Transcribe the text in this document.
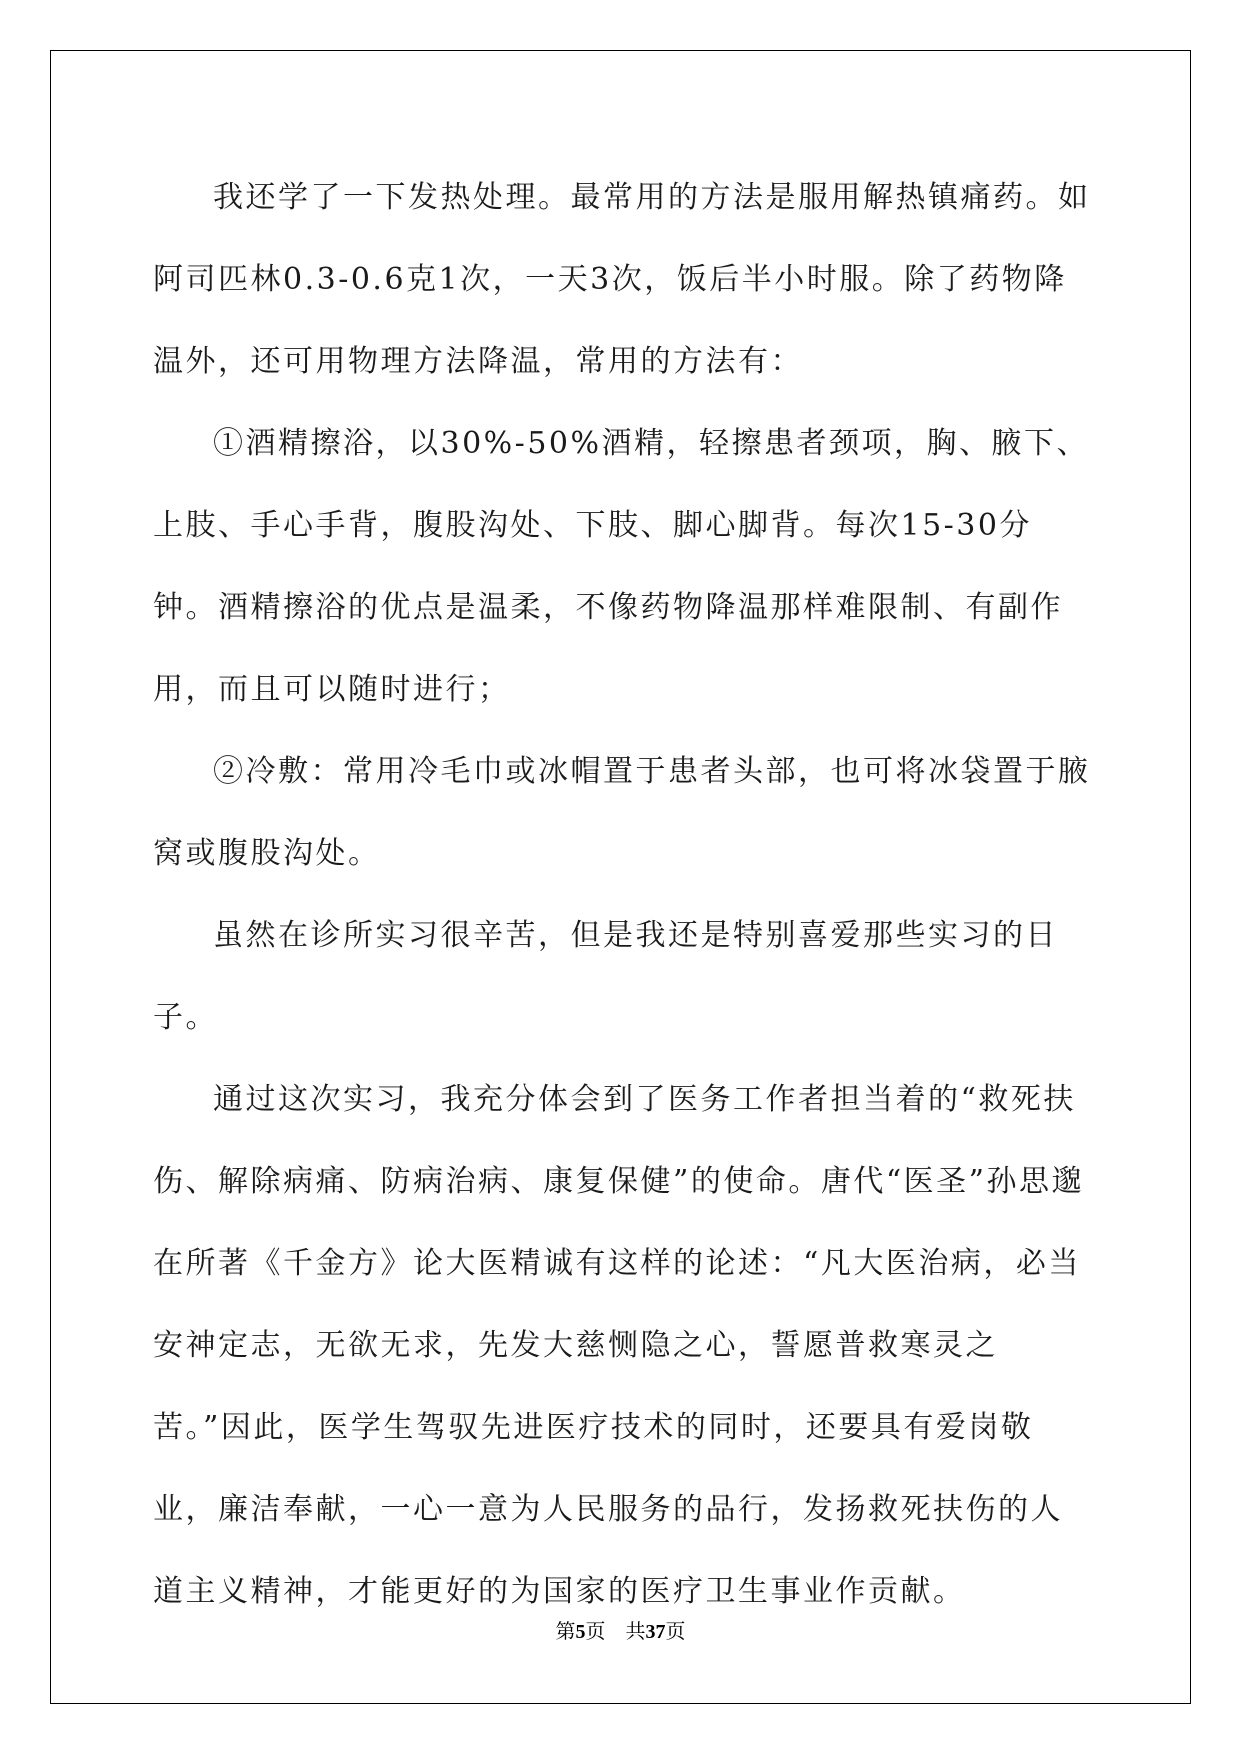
我还学了一下发热处理。最常用的方法是服用解热镇痛药。如阿司匹林0.3-0.6克1次，一天3次，饭后半小时服。除了药物降温外，还可用物理方法降温，常用的方法有：

①酒精擦浴，以30%-50%酒精，轻擦患者颈项，胸、腋下、上肢、手心手背，腹股沟处、下肢、脚心脚背。每次15-30分钟。酒精擦浴的优点是温柔，不像药物降温那样难限制、有副作用，而且可以随时进行；

②冷敷：常用冷毛巾或冰帽置于患者头部，也可将冰袋置于腋窝或腹股沟处。

虽然在诊所实习很辛苦，但是我还是特别喜爱那些实习的日子。

通过这次实习，我充分体会到了医务工作者担当着的“救死扶伤、解除病痛、防病治病、康复保健”的使命。唐代“医圣”孙思邈在所著《千金方》论大医精诚有这样的论述：“凡大医治病，必当安神定志，无欲无求，先发大慈恻隐之心，誓愿普救寒灵之苦。”因此，医学生驾驭先进医疗技术的同时，还要具有爱岗敬业，廉洁奉献，一心一意为人民服务的品行，发扬救死扶伤的人道主义精神，才能更好的为国家的医疗卫生事业作贡献。

第5页　共37页
